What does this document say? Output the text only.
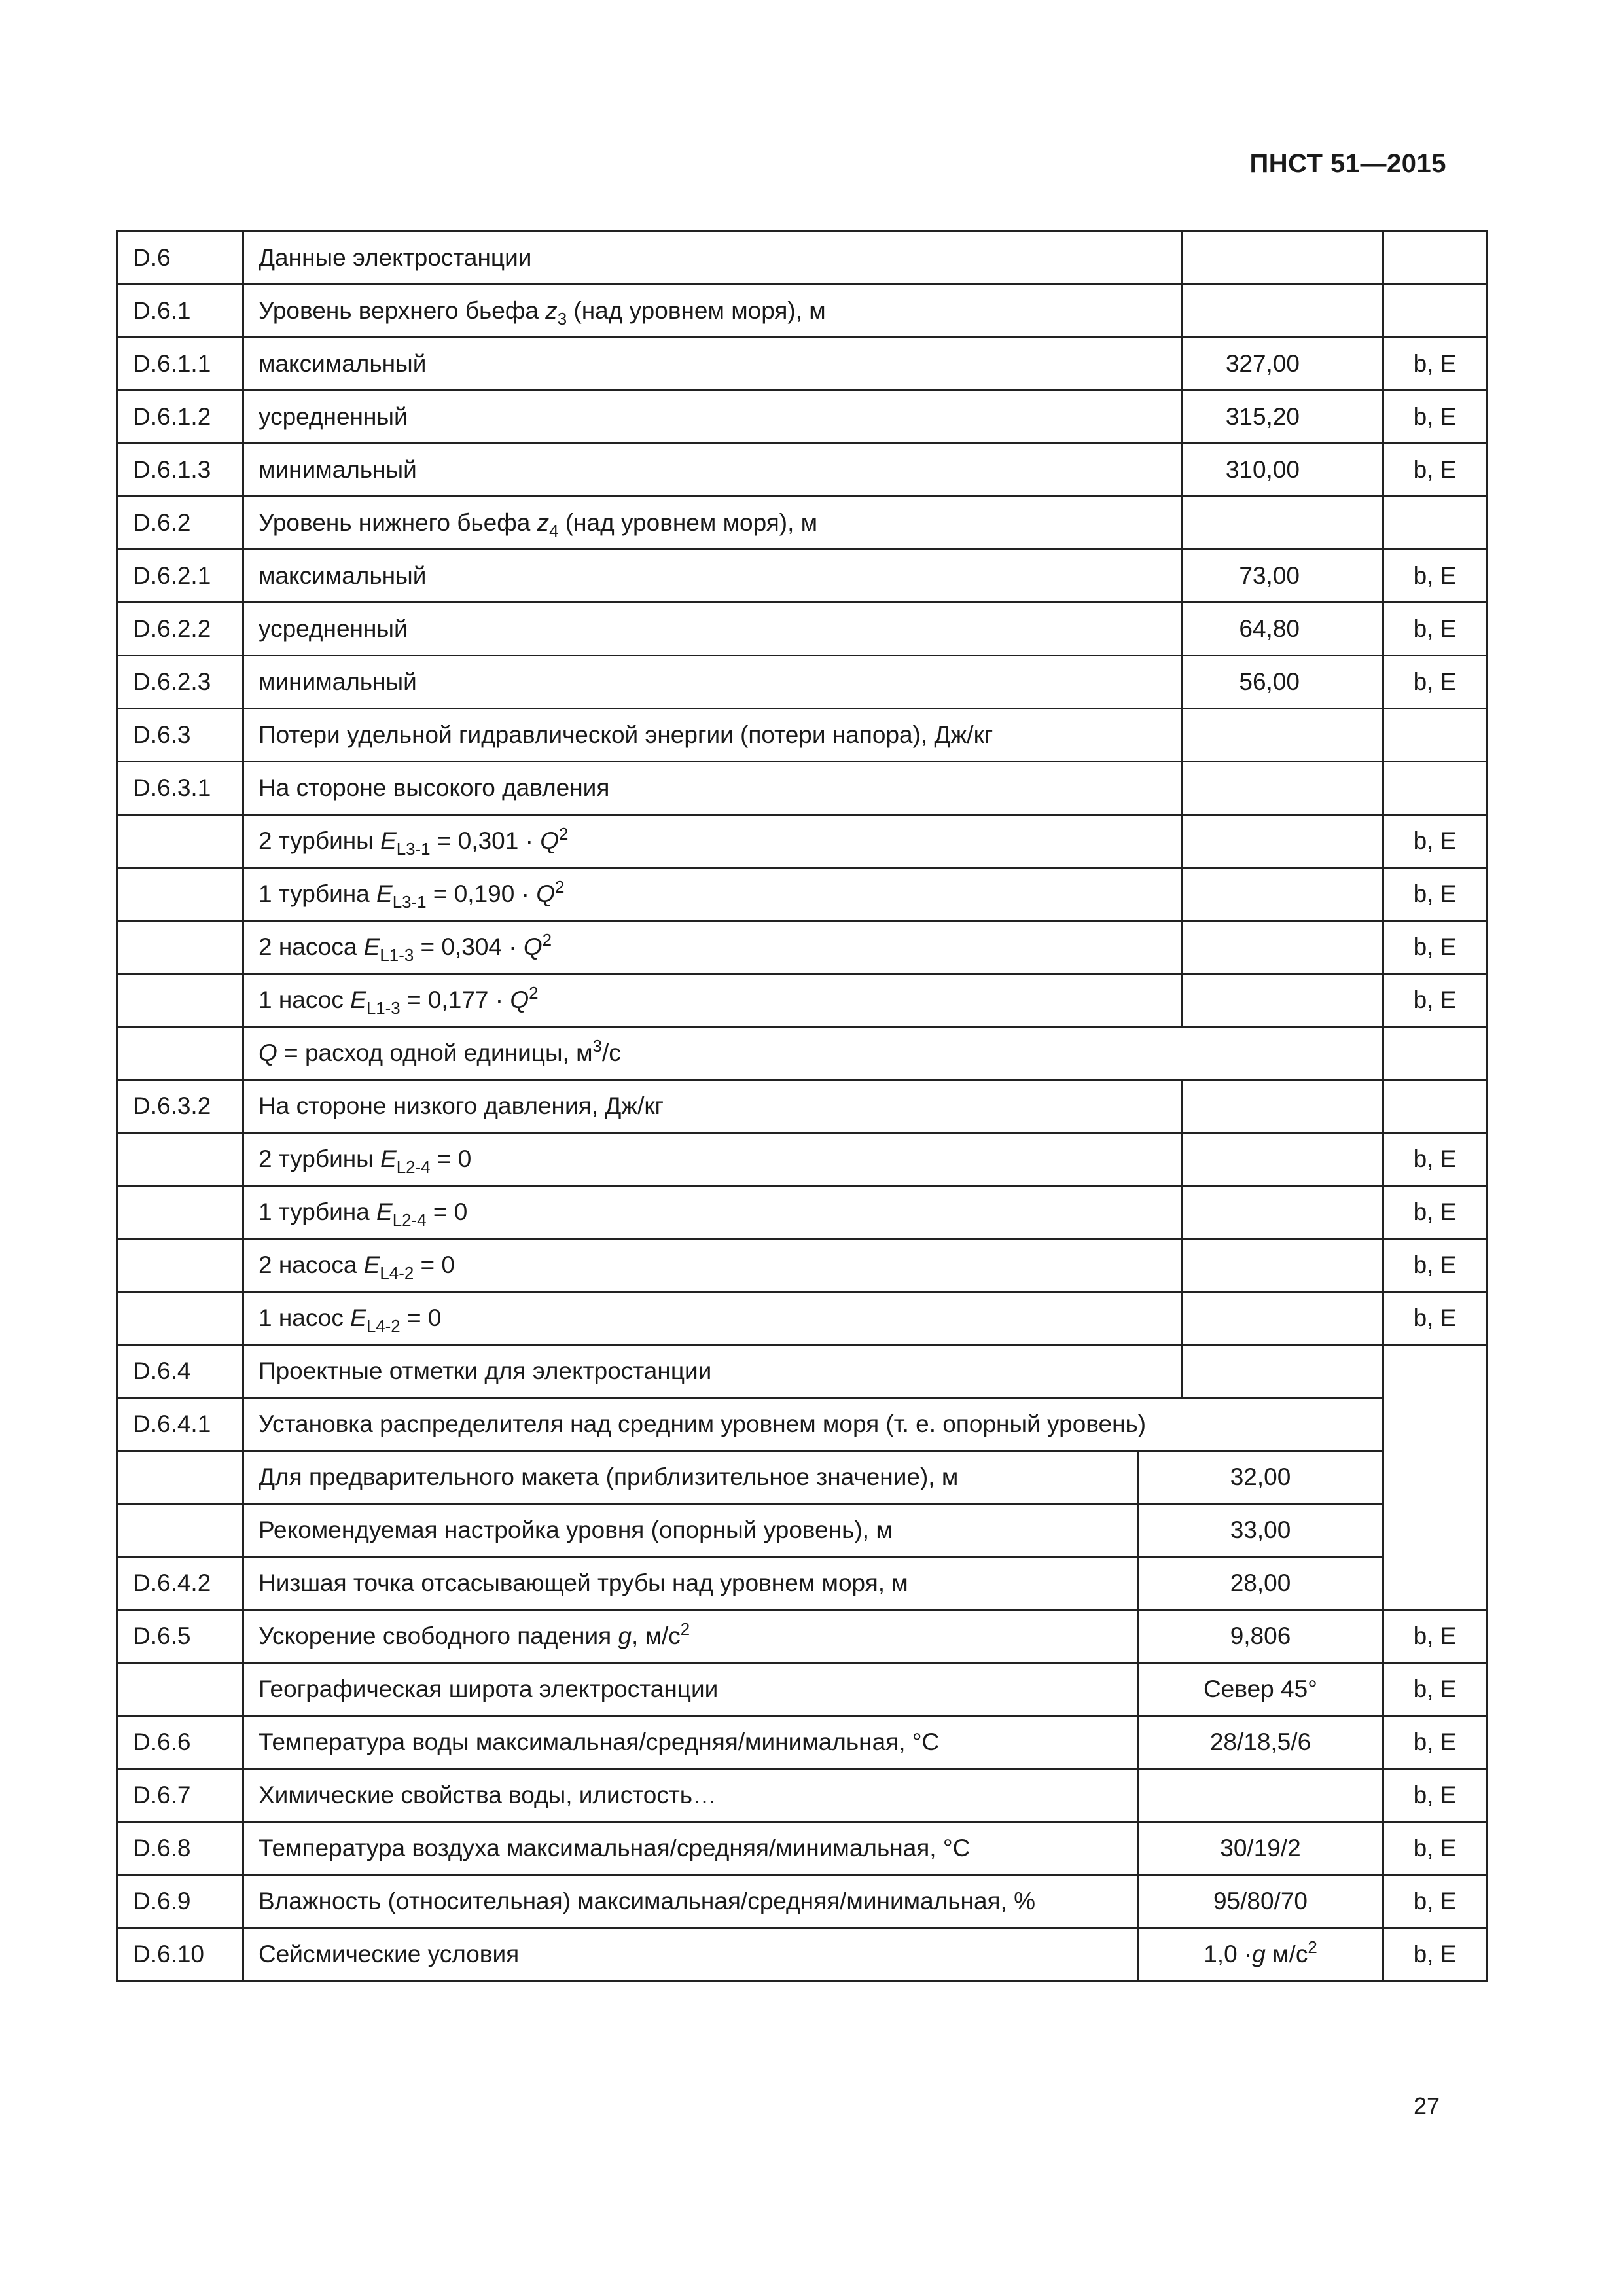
ПНСТ 51—2015
D.6	Данные электростанции			
D.6.1	Уровень верхнего бьефа $z_3$ (над уровнем моря), м			
D.6.1.1	максимальный		327,00	b, E
D.6.1.2	усредненный		315,20	b, E
D.6.1.3	минимальный		310,00	b, E
D.6.2	Уровень нижнего бьефа $z_4$ (над уровнем моря), м			
D.6.2.1	максимальный		73,00	b, E
D.6.2.2	усредненный		64,80	b, E
D.6.2.3	минимальный		56,00	b, E
D.6.3	Потери удельной гидравлической энергии (потери напора), Дж/кг			
D.6.3.1	На стороне высокого давления			
	2 турбины $E_{L3-1} = 0,301 \cdot Q^2$			b, E
	1 турбина $E_{L3-1} = 0,190 \cdot Q^2$			b, E
	2 насоса $E_{L1-3} = 0,304 \cdot Q^2$			b, E
	1 насос $E_{L1-3} = 0,177 \cdot Q^2$			b, E
	Q = расход одной единицы, $м^3/с$			
D.6.3.2	На стороне низкого давления, Дж/кг			
	2 турбины $E_{L2-4} = 0$			b, E
	1 турбина $E_{L2-4} = 0$			b, E
	2 насоса $E_{L4-2} = 0$			b, E
	1 насос $E_{L4-2} = 0$			b, E
D.6.4	Проектные отметки для электростанции			
D.6.4.1	Установка распределителя над средним уровнем моря (т. е. опорный уровень)			
	Для предварительного макета (приблизительное значение), м	32,00		
	Рекомендуемая настройка уровня (опорный уровень), м	33,00		
D.6.4.2	Низшая точка отсасывающей трубы над уровнем моря, м	28,00		
D.6.5	Ускорение свободного падения g, $м/с^2$	9,806		b, E
	Географическая широта электростанции	Север 45°		b, E
D.6.6	Температура воды максимальная/средняя/минимальная, °С	28/18,5/6		b, E
D.6.7	Химические свойства воды, илистость…			b, E
D.6.8	Температура воздуха максимальная/средняя/минимальная, °С	30/19/2		b, E
D.6.9	Влажность (относительная) максимальная/средняя/минимальная, %	95/80/70		b, E
D.6.10	Сейсмические условия	1,0 ·g $м/с^2$		b, E
27
